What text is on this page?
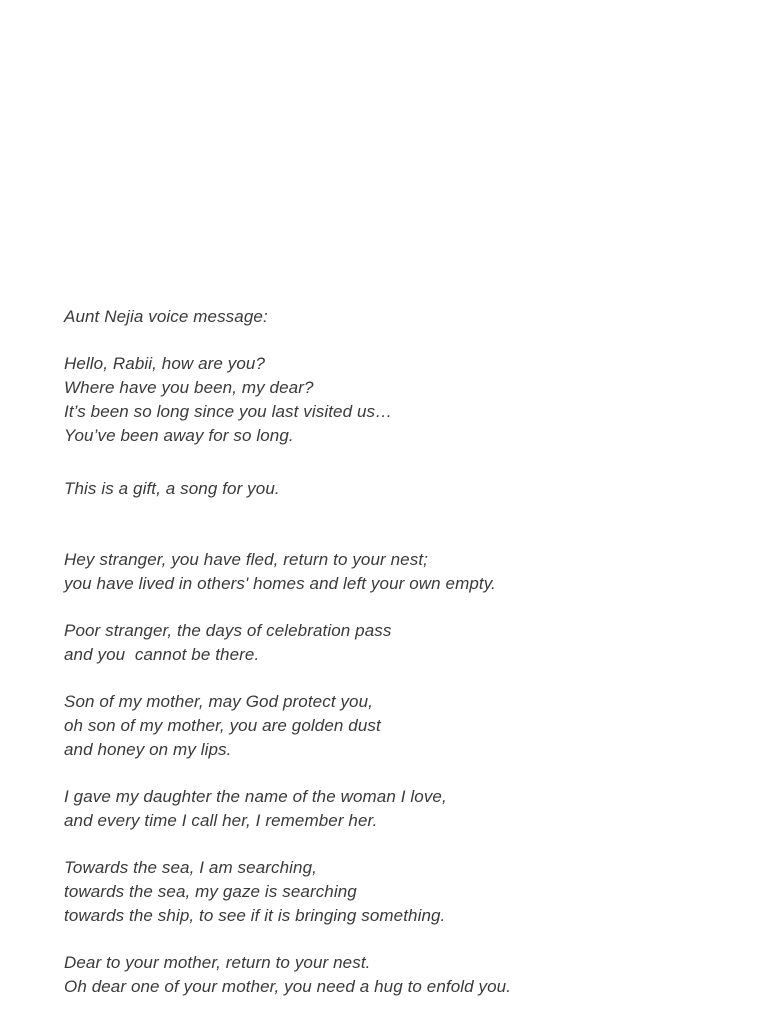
Aunt Nejia voice message:
Hello, Rabii, how are you?
Where have you been, my dear?
It’s been so long since you last visited us…
You’ve been away for so long.
This is a gift, a song for you.
Hey stranger, you have fled, return to your nest;
you have lived in others' homes and left your own empty.
Poor stranger, the days of celebration pass
and you  cannot be there.
Son of my mother, may God protect you,
oh son of my mother, you are golden dust
and honey on my lips.
I gave my daughter the name of the woman I love,
and every time I call her, I remember her.
Towards the sea, I am searching,
towards the sea, my gaze is searching
towards the ship, to see if it is bringing something.
Dear to your mother, return to your nest.
Oh dear one of your mother, you need a hug to enfold you.
